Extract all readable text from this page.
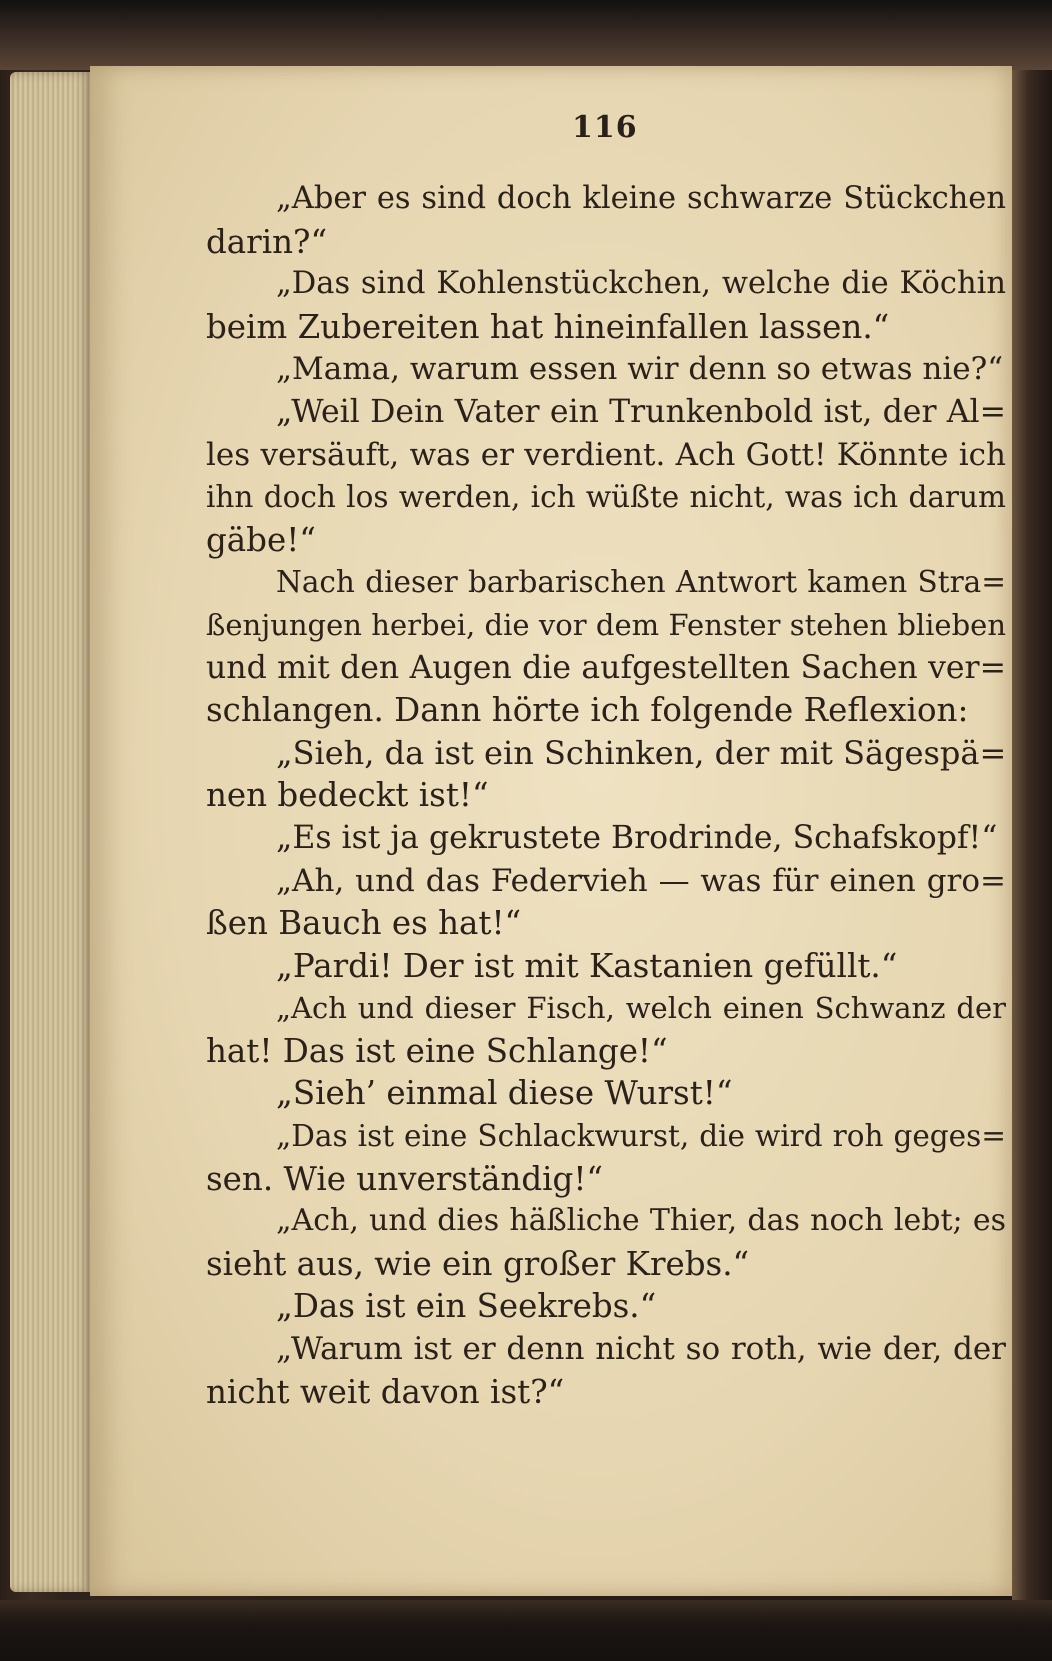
116
„Aber es sind doch kleine schwarze Stückchen
darin?“
„Das sind Kohlenstückchen, welche die Köchin
beim Zubereiten hat hineinfallen lassen.“
„Mama, warum essen wir denn so etwas nie?“
„Weil Dein Vater ein Trunkenbold ist, der Al=
les versäuft, was er verdient. Ach Gott! Könnte ich
ihn doch los werden, ich wüßte nicht, was ich darum
gäbe!“
Nach dieser barbarischen Antwort kamen Stra=
ßenjungen herbei, die vor dem Fenster stehen blieben
und mit den Augen die aufgestellten Sachen ver=
schlangen. Dann hörte ich folgende Reflexion:
„Sieh, da ist ein Schinken, der mit Sägespä=
nen bedeckt ist!“
„Es ist ja gekrustete Brodrinde, Schafskopf!“
„Ah, und das Federvieh — was für einen gro=
ßen Bauch es hat!“
„Pardi! Der ist mit Kastanien gefüllt.“
„Ach und dieser Fisch, welch einen Schwanz der
hat! Das ist eine Schlange!“
„Sieh’ einmal diese Wurst!“
„Das ist eine Schlackwurst, die wird roh geges=
sen. Wie unverständig!“
„Ach, und dies häßliche Thier, das noch lebt; es
sieht aus, wie ein großer Krebs.“
„Das ist ein Seekrebs.“
„Warum ist er denn nicht so roth, wie der, der
nicht weit davon ist?“
